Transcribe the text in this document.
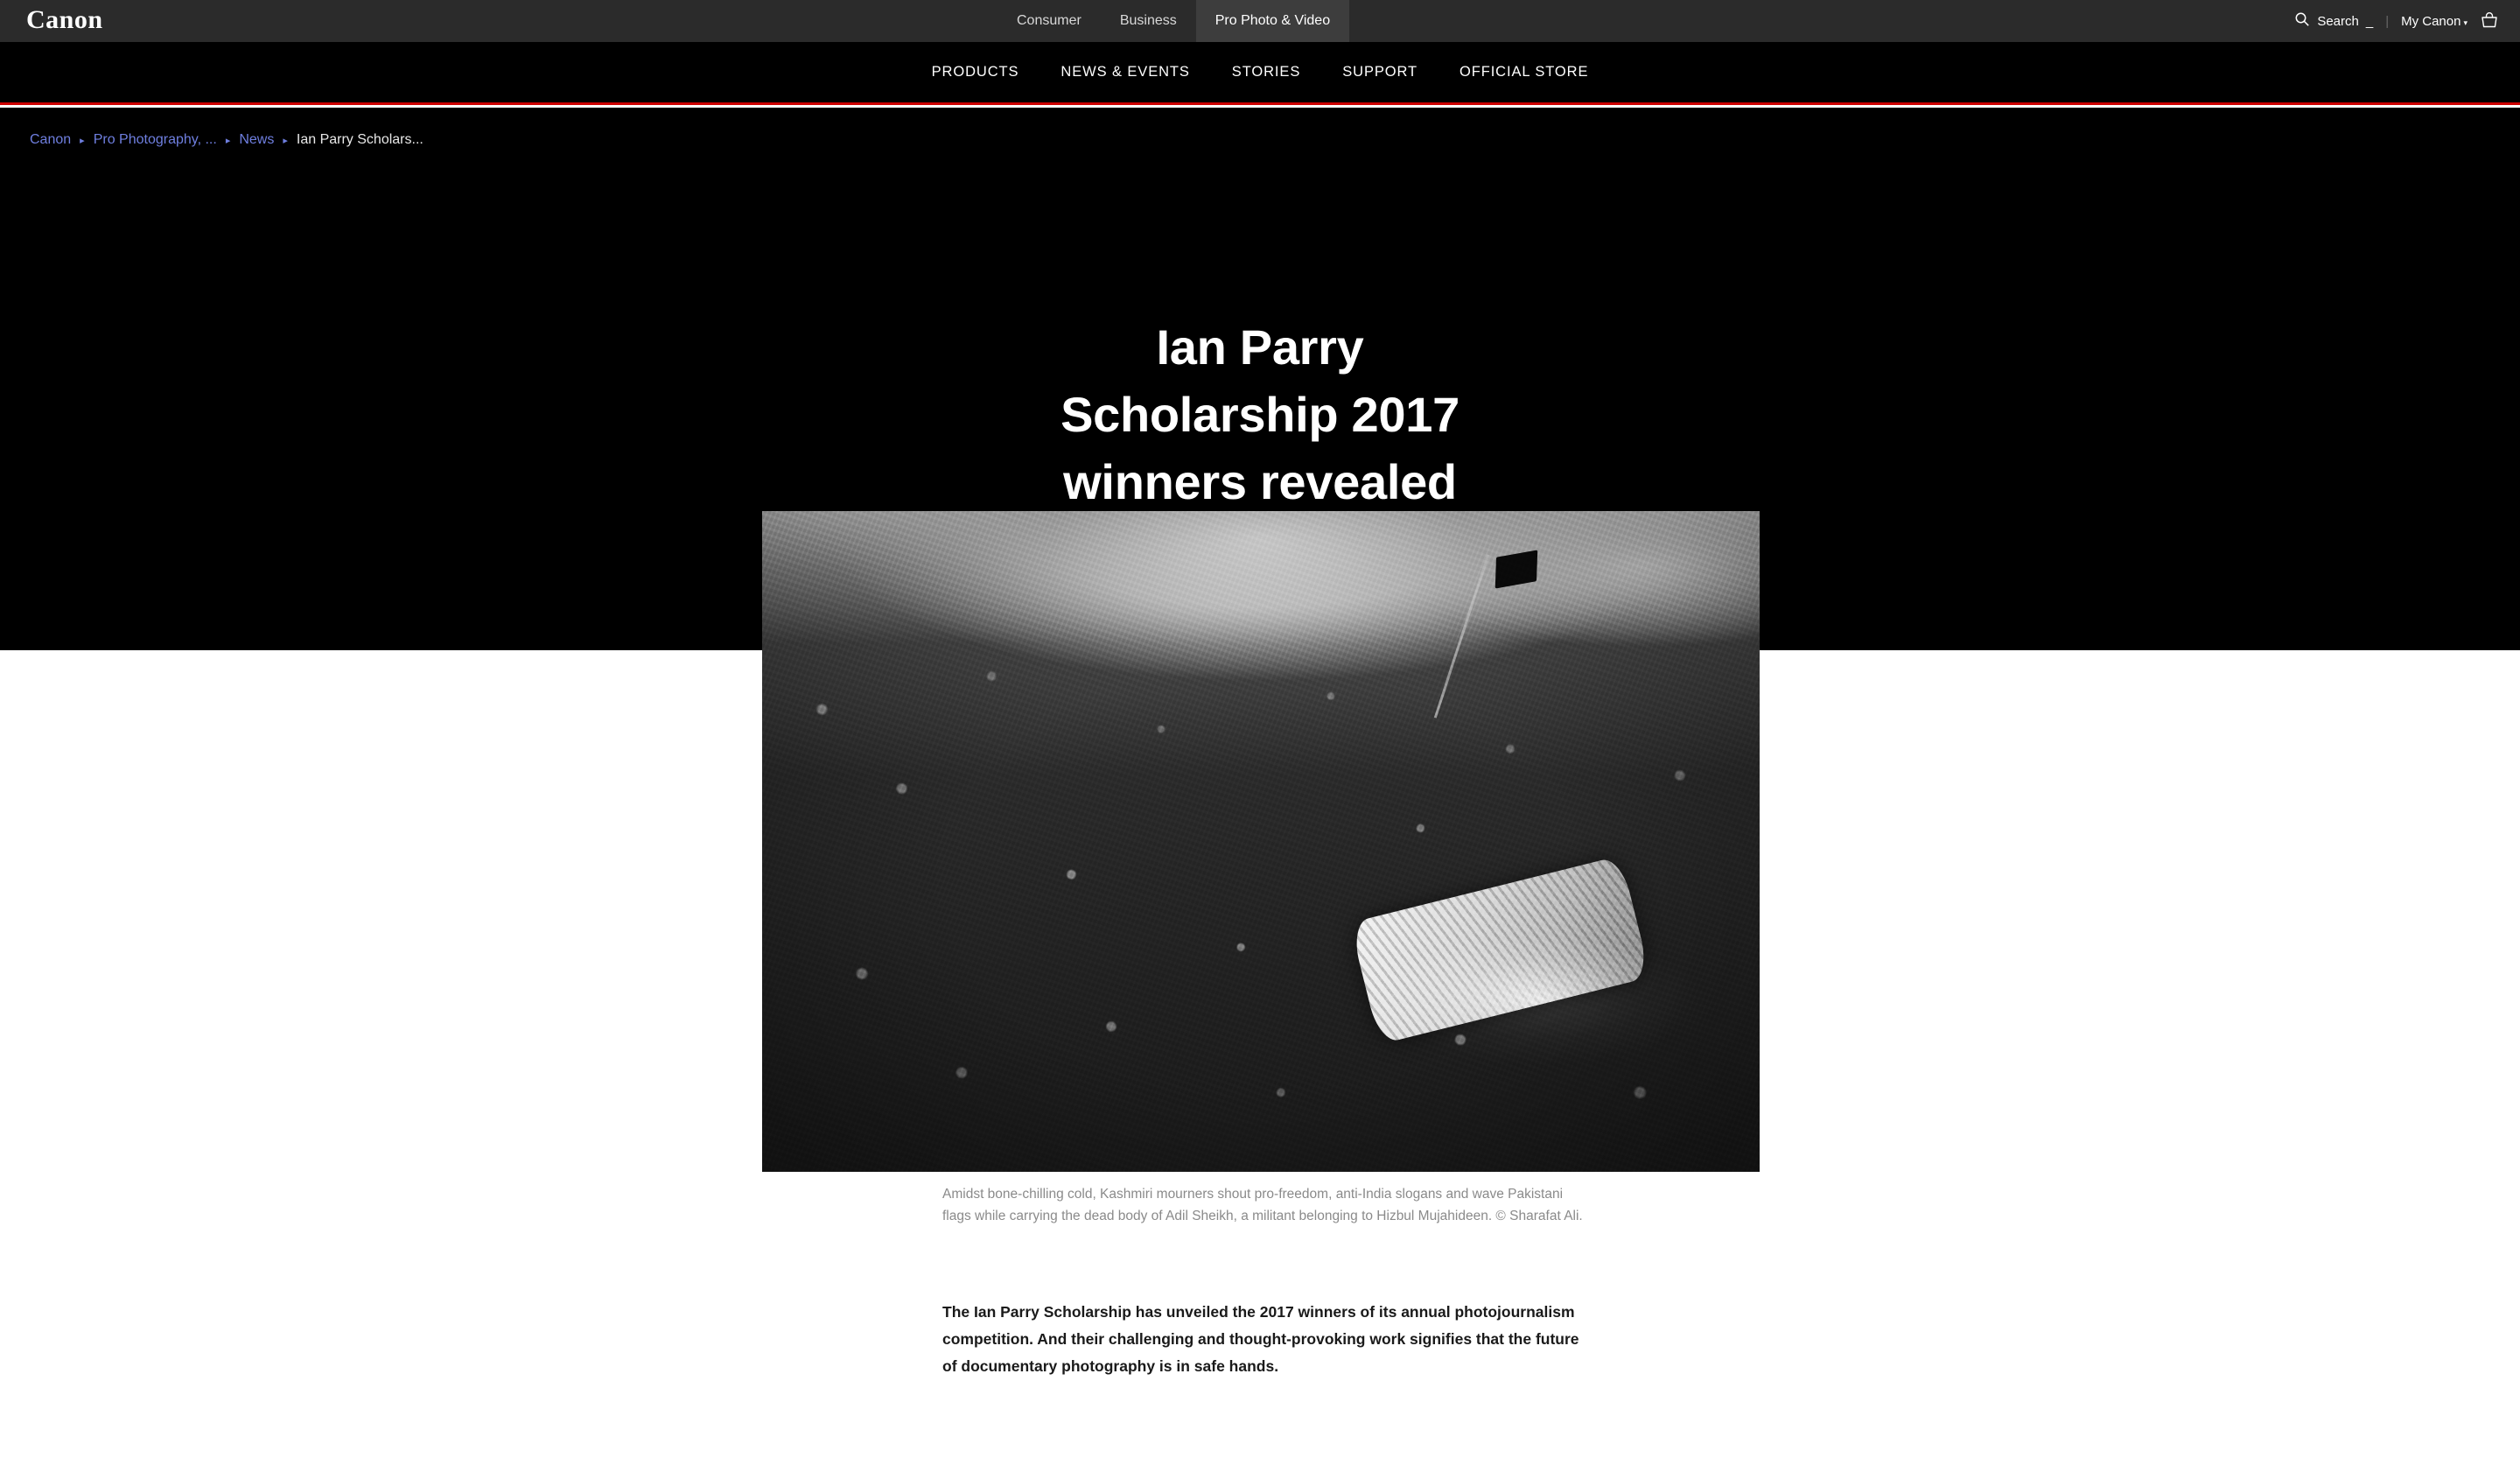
Canon	Consumer	Business	Pro Photo & Video	Search _ | My Canon ▾
PRODUCTS	NEWS & EVENTS	STORIES	SUPPORT	OFFICIAL STORE
Canon ▸ Pro Photography, ... ▸ News ▸ Ian Parry Scholars...
Ian Parry
Scholarship 2017
winners revealed
Amidst bone-chilling cold, Kashmiri mourners shout pro-freedom, anti-India slogans and wave Pakistani flags while carrying the dead body of Adil Sheikh, a militant belonging to Hizbul Mujahideen. © Sharafat Ali.

The Ian Parry Scholarship has unveiled the 2017 winners of its annual photojournalism competition. And their challenging and thought-provoking work signifies that the future of documentary photography is in safe hands.
